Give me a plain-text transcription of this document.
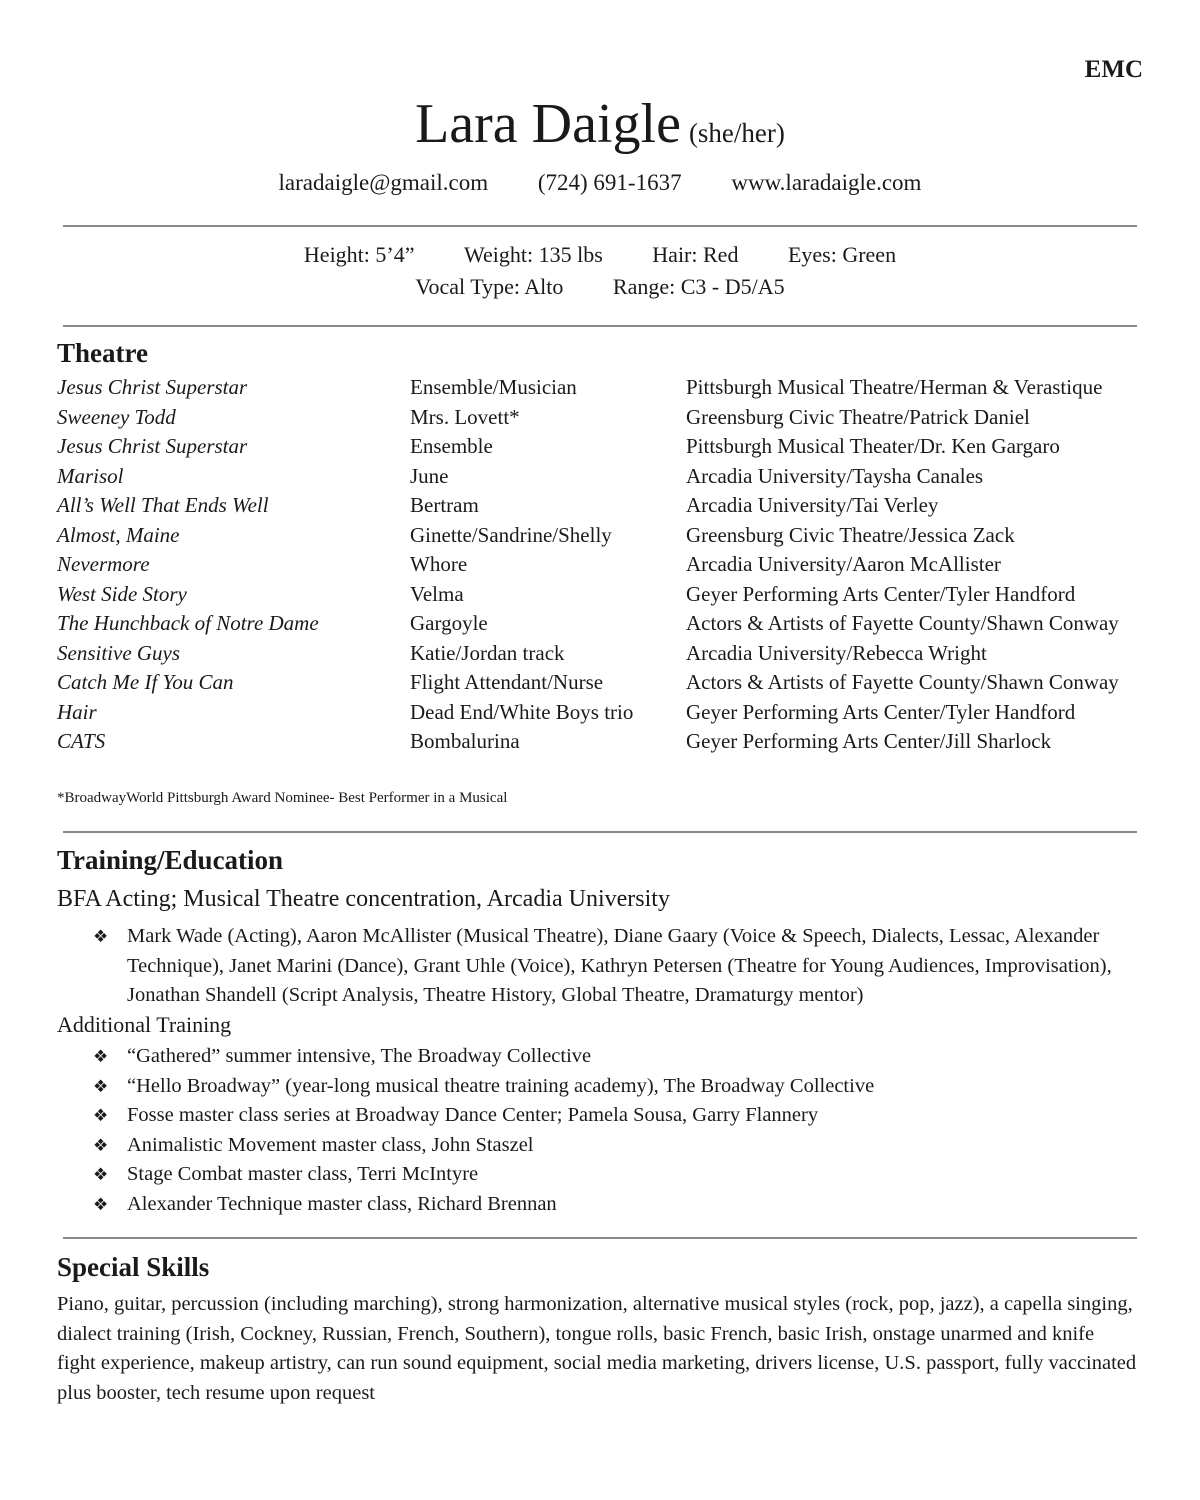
EMC
Lara Daigle (she/her)
laradaigle@gmail.com (724) 691-1637 www.laradaigle.com
Height: 5’4” Weight: 135 lbs Hair: Red Eyes: Green
Vocal Type: Alto Range: C3 - D5/A5
Theatre
Jesus Christ Superstar	Ensemble/Musician	Pittsburgh Musical Theatre/Herman & Verastique
Sweeney Todd	Mrs. Lovett*	Greensburg Civic Theatre/Patrick Daniel
Jesus Christ Superstar	Ensemble	Pittsburgh Musical Theater/Dr. Ken Gargaro
Marisol	June	Arcadia University/Taysha Canales
All’s Well That Ends Well	Bertram	Arcadia University/Tai Verley
Almost, Maine	Ginette/Sandrine/Shelly	Greensburg Civic Theatre/Jessica Zack
Nevermore	Whore	Arcadia University/Aaron McAllister
West Side Story	Velma	Geyer Performing Arts Center/Tyler Handford
The Hunchback of Notre Dame	Gargoyle	Actors & Artists of Fayette County/Shawn Conway
Sensitive Guys	Katie/Jordan track	Arcadia University/Rebecca Wright
Catch Me If You Can	Flight Attendant/Nurse	Actors & Artists of Fayette County/Shawn Conway
Hair	Dead End/White Boys trio	Geyer Performing Arts Center/Tyler Handford
CATS	Bombalurina	Geyer Performing Arts Center/Jill Sharlock
*BroadwayWorld Pittsburgh Award Nominee- Best Performer in a Musical
Training/Education
BFA Acting; Musical Theatre concentration, Arcadia University
❖ Mark Wade (Acting), Aaron McAllister (Musical Theatre), Diane Gaary (Voice & Speech, Dialects, Lessac, Alexander Technique), Janet Marini (Dance), Grant Uhle (Voice), Kathryn Petersen (Theatre for Young Audiences, Improvisation), Jonathan Shandell (Script Analysis, Theatre History, Global Theatre, Dramaturgy mentor)
Additional Training
❖ “Gathered” summer intensive, The Broadway Collective
❖ “Hello Broadway” (year-long musical theatre training academy), The Broadway Collective
❖ Fosse master class series at Broadway Dance Center; Pamela Sousa, Garry Flannery
❖ Animalistic Movement master class, John Staszel
❖ Stage Combat master class, Terri McIntyre
❖ Alexander Technique master class, Richard Brennan
Special Skills
Piano, guitar, percussion (including marching), strong harmonization, alternative musical styles (rock, pop, jazz), a capella singing, dialect training (Irish, Cockney, Russian, French, Southern), tongue rolls, basic French, basic Irish, onstage unarmed and knife fight experience, makeup artistry, can run sound equipment, social media marketing, drivers license, U.S. passport, fully vaccinated plus booster, tech resume upon request
